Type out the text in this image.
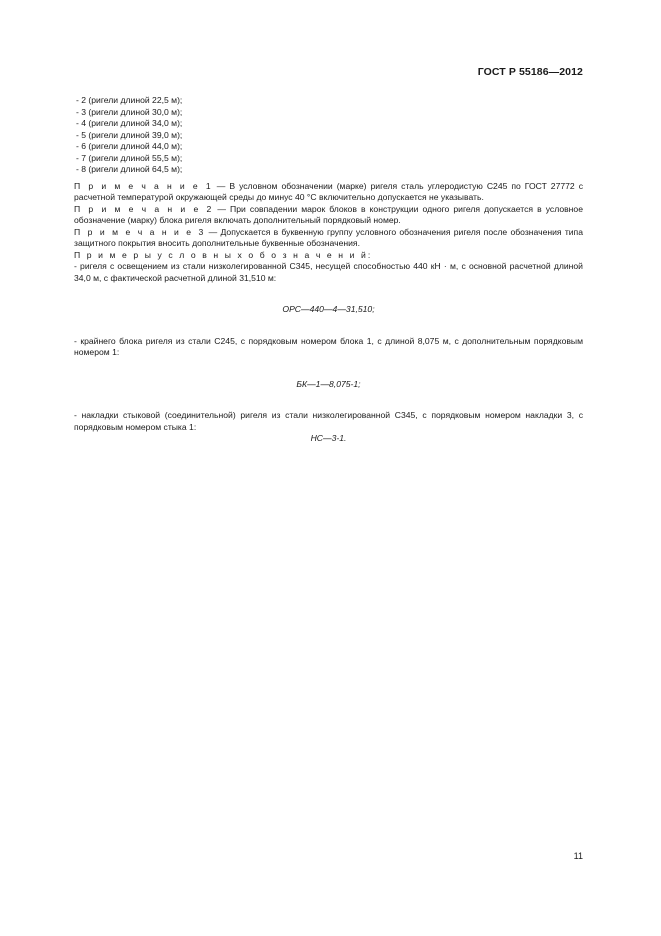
ГОСТ Р 55186—2012
- 2 (ригели длиной 22,5 м);
- 3 (ригели длиной 30,0 м);
- 4 (ригели длиной 34,0 м);
- 5 (ригели длиной 39,0 м);
- 6 (ригели длиной 44,0 м);
- 7 (ригели длиной 55,5 м);
- 8 (ригели длиной 64,5 м);

П р и м е ч а н и е 1 — В условном обозначении (марке) ригеля сталь углеродистую С245 по ГОСТ 27772 с расчетной температурой окружающей среды до минус 40 °С включительно допускается не указывать.

П р и м е ч а н и е 2 — При совпадении марок блоков в конструкции одного ригеля допускается в условное обозначение (марку) блока ригеля включать дополнительный порядковый номер.

П р и м е ч а н и е 3 — Допускается в буквенную группу условного обозначения ригеля после обозначения типа защитного покрытия вносить дополнительные буквенные обозначения.

П р и м е р ы у с л о в н ы х о б о з н а ч е н и й:

- ригеля с освещением из стали низколегированной С345, несущей способностью 440 кН · м, с основной расчетной длиной 34,0 м, с фактической расчетной длиной 31,510 м:

ОРС—440—4—31,510;

- крайнего блока ригеля из стали С245, с порядковым номером блока 1, с длиной 8,075 м, с дополнительным порядковым номером 1:

БК—1—8,075-1;

- накладки стыковой (соединительной) ригеля из стали низколегированной С345, с порядковым номером накладки 3, с порядковым номером стыка 1:

НС—3-1.

11
